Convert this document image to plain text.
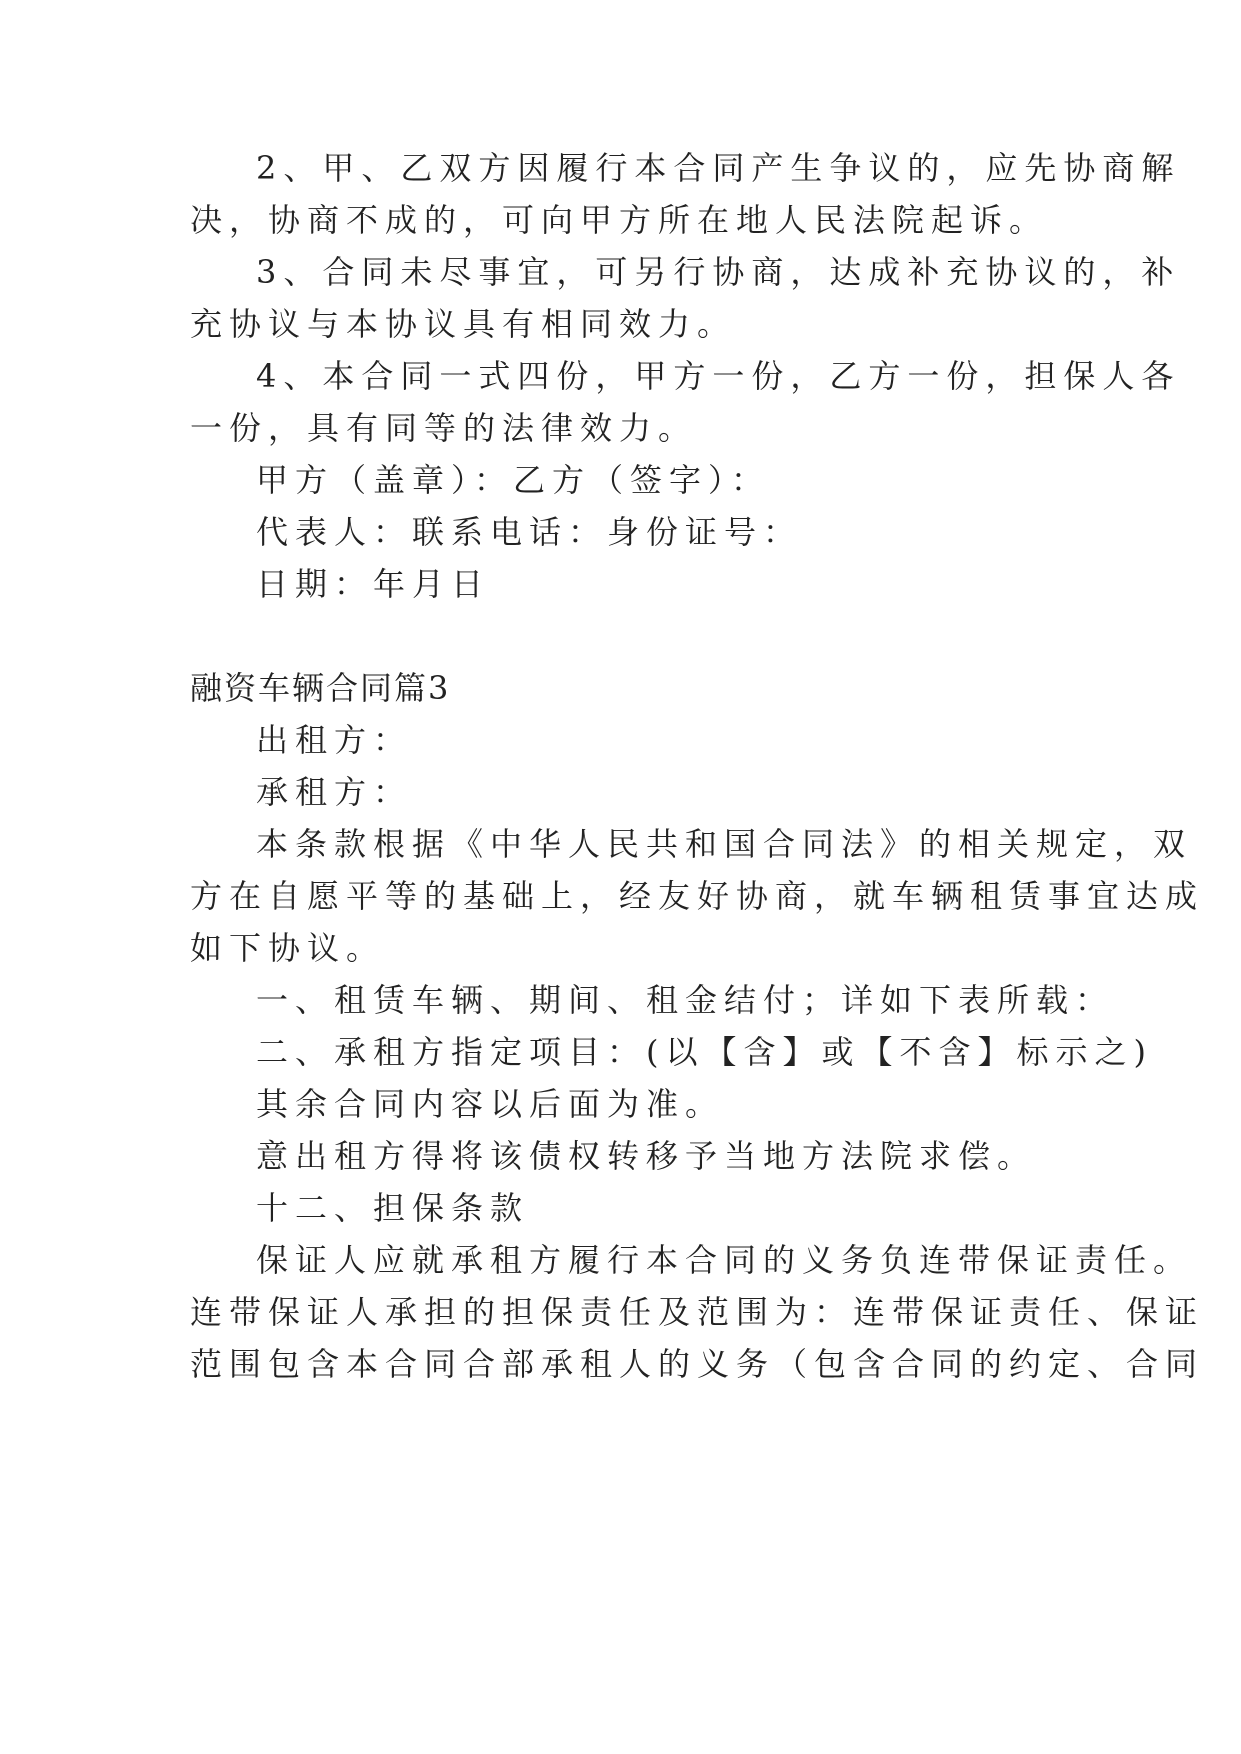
2、甲、乙双方因履行本合同产生争议的，应先协商解
决，协商不成的，可向甲方所在地人民法院起诉。
3、合同未尽事宜，可另行协商，达成补充协议的，补
充协议与本协议具有相同效力。
4、本合同一式四份，甲方一份，乙方一份，担保人各
一份，具有同等的法律效力。
甲方（盖章）：乙方（签字）：
代表人：联系电话：身份证号：
日期：年月日
融资车辆合同篇3
出租方：
承租方：
本条款根据《中华人民共和国合同法》的相关规定，双
方在自愿平等的基础上，经友好协商，就车辆租赁事宜达成
如下协议。
一、租赁车辆、期间、租金结付；详如下表所载：
二、承租方指定项目：(以【含】或【不含】标示之)
其余合同内容以后面为准。
意出租方得将该债权转移予当地方法院求偿。
十二、担保条款
保证人应就承租方履行本合同的义务负连带保证责任。
连带保证人承担的担保责任及范围为：连带保证责任、保证
范围包含本合同合部承租人的义务（包含合同的约定、合同
